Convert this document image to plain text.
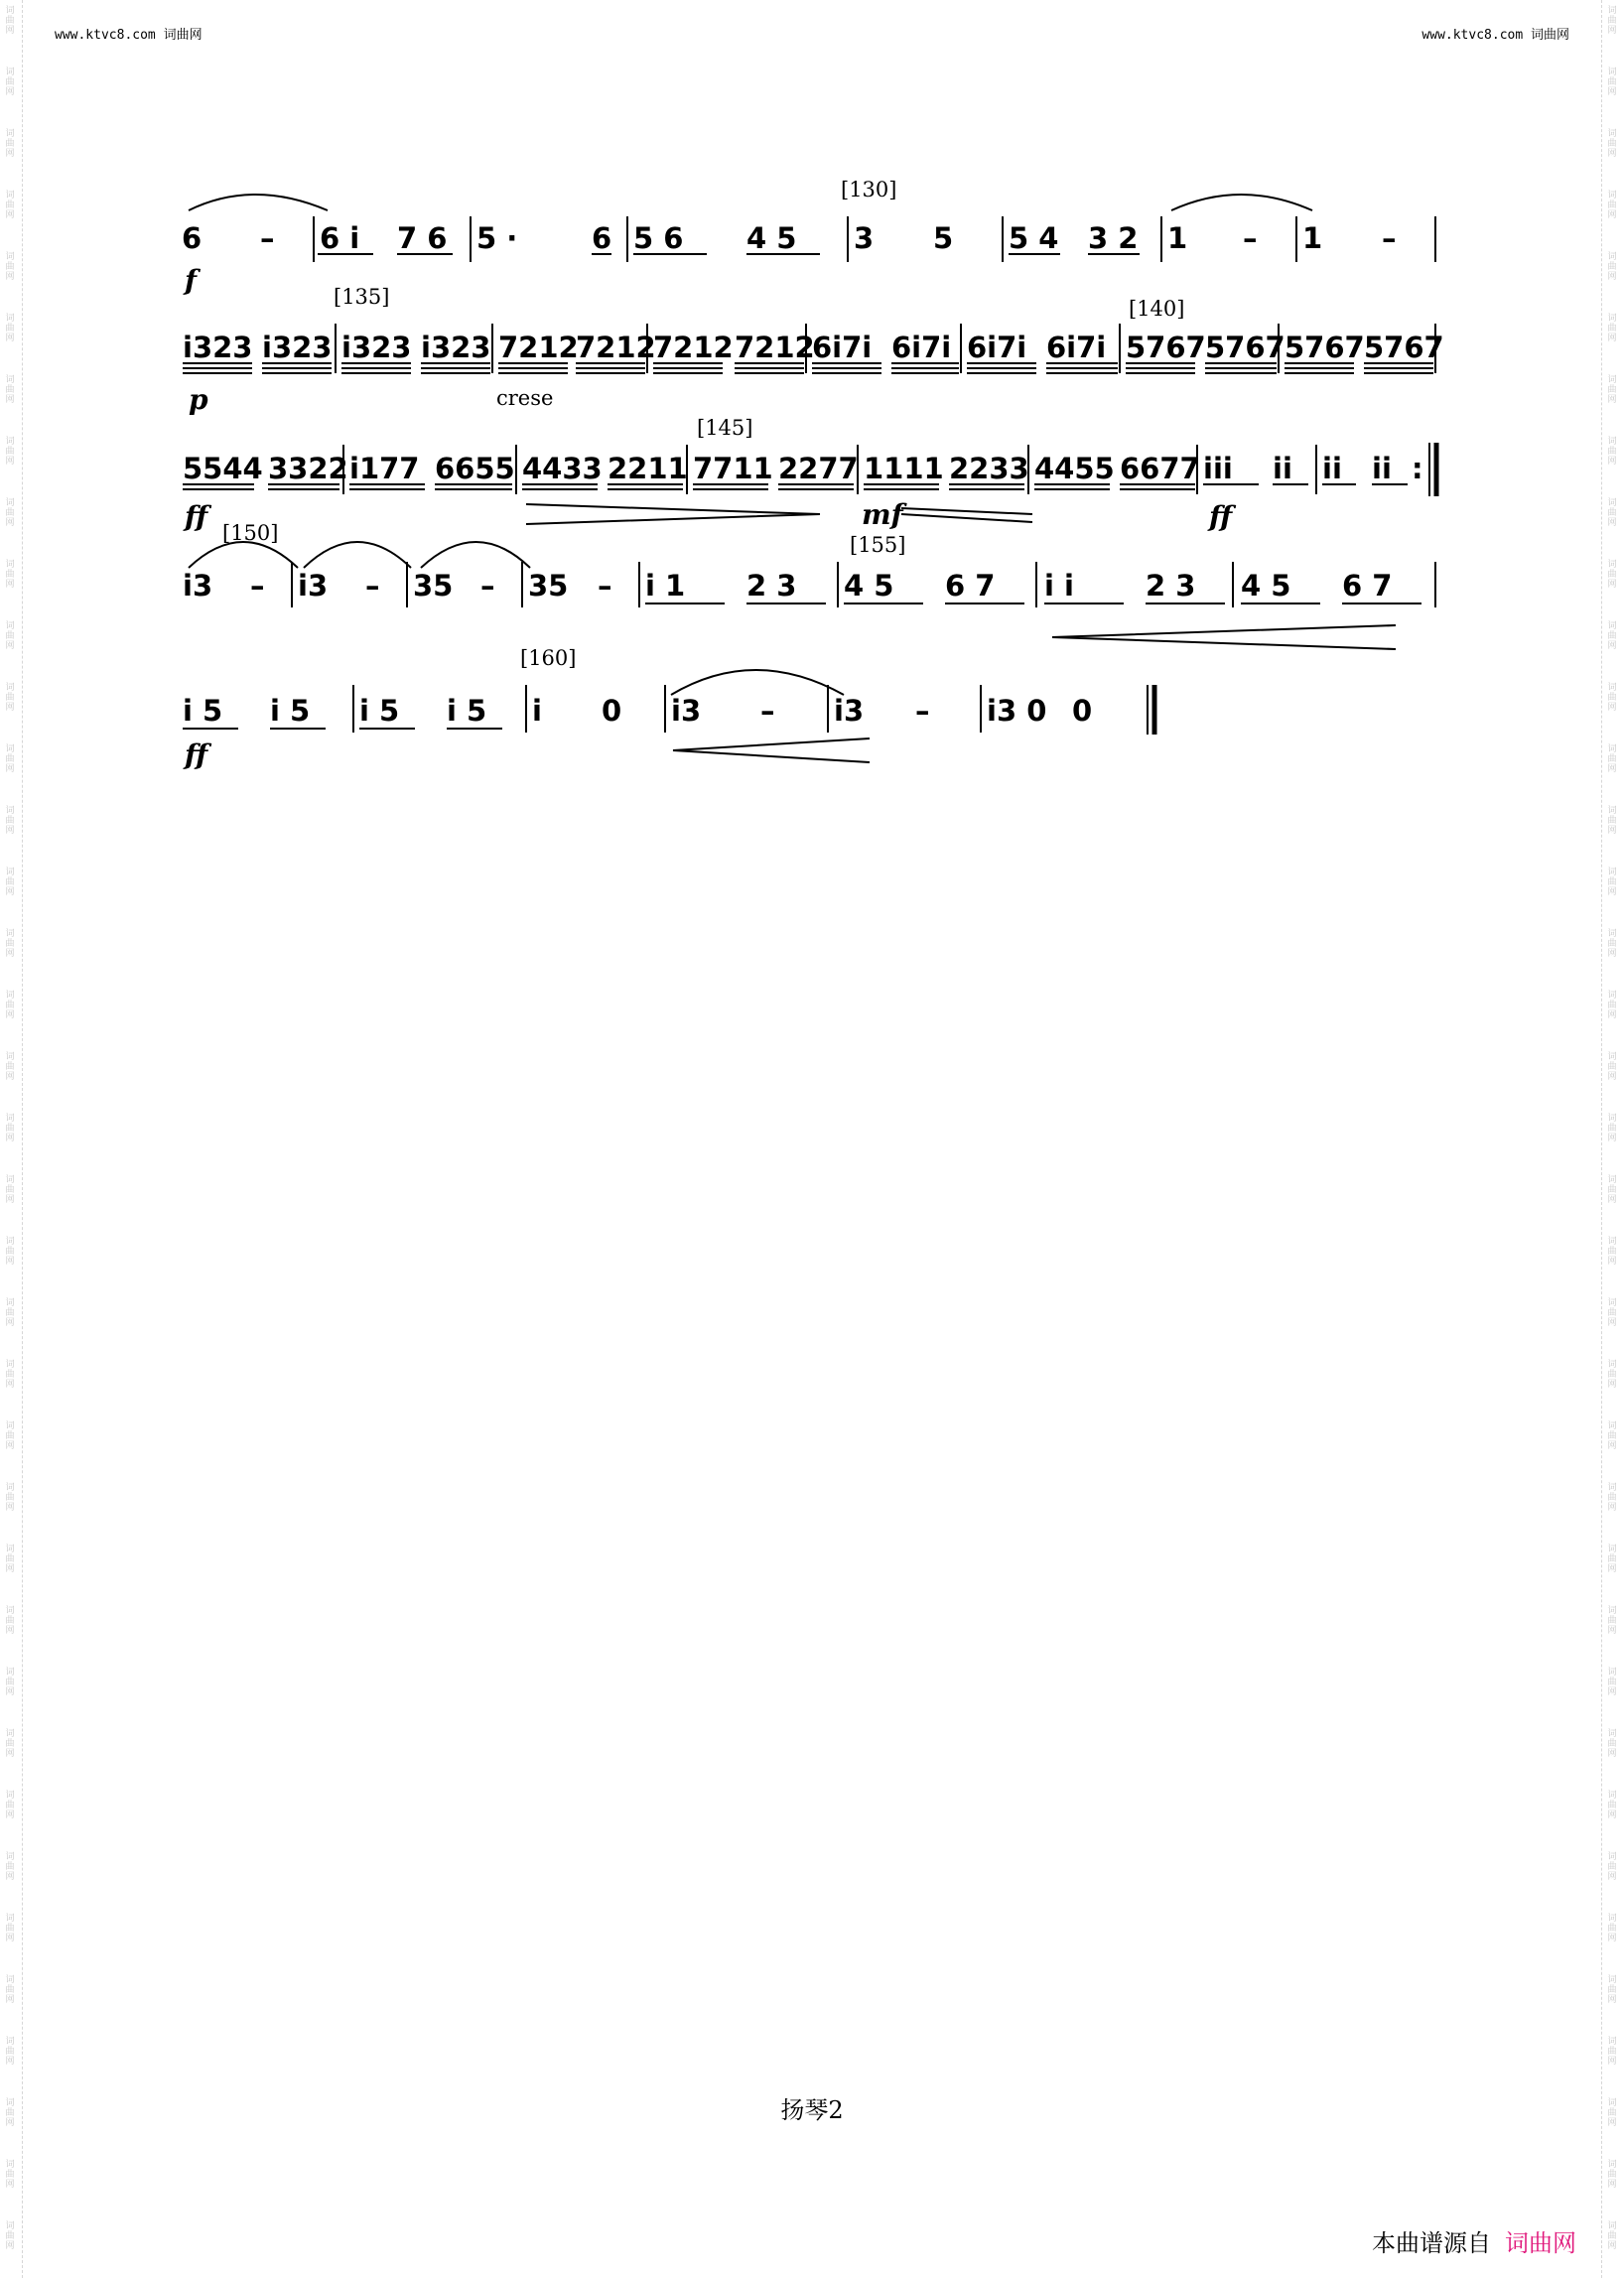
词
曲
网
词
曲
网
词
曲
网
词
曲
网
词
曲
网
词
曲
网
词
曲
网
词
曲
网
词
曲
网
词
曲
网
词
曲
网
词
曲
网
词
曲
网
词
曲
网
词
曲
网
词
曲
网
词
曲
网
词
曲
网
词
曲
网
词
曲
网
词
曲
网
词
曲
网
词
曲
网
词
曲
网
词
曲
网
词
曲
网
词
曲
网
词
曲
网
词
曲
网
词
曲
网
词
曲
网
词
曲
网
词
曲
网
词
曲
网
词
曲
网
词
曲
网
词
曲
网
词
曲
网
词
曲
网
词
曲
网
词
曲
网
词
曲
网
词
曲
网
词
曲
网
词
曲
网
词
曲
网
词
曲
网
词
曲
网
词
曲
网
词
曲
网
词
曲
网
词
曲
网
词
曲
网
词
曲
网
词
曲
网
词
曲
网
词
曲
网
词
曲
网
词
曲
网
词
曲
网
词
曲
网
词
曲
网
词
曲
网
词
曲
网
词
曲
网
词
曲
网
词
曲
网
词
曲
网
词
曲
网
词
曲
网
词
曲
网
词
曲
网
词
曲
网
词
曲
网
www.ktvc8.com 词曲网	www.ktvc8.com 词曲网
[130]
6 – 6 i 7 6 5 ·	6 5 6 4 5 3 5 5 4 3 2 1 – 1 –
f	[135]	[140]
i323 i323 i323 i323 7212
7212
7212 7212
6i7i 6i7i 6i7i 6i7i 5767 5767 5767 5767
p	crese
[145]
5544 3322 i177 6655 4433 2211 7711 2277 1111 2233 4455 6677 iii ii ii ii :
mf
ff	ff
[150]	[155]
i3 – i3 – 35 – 35 – i 1 2 3 4 5 6 7 i i 2 3 4 5 6 7
[160]
i 5 i 5 i 5 i 5 i 0 i3 – i3 – i3 0 0
ff
扬琴2
本曲谱源自 词曲网
